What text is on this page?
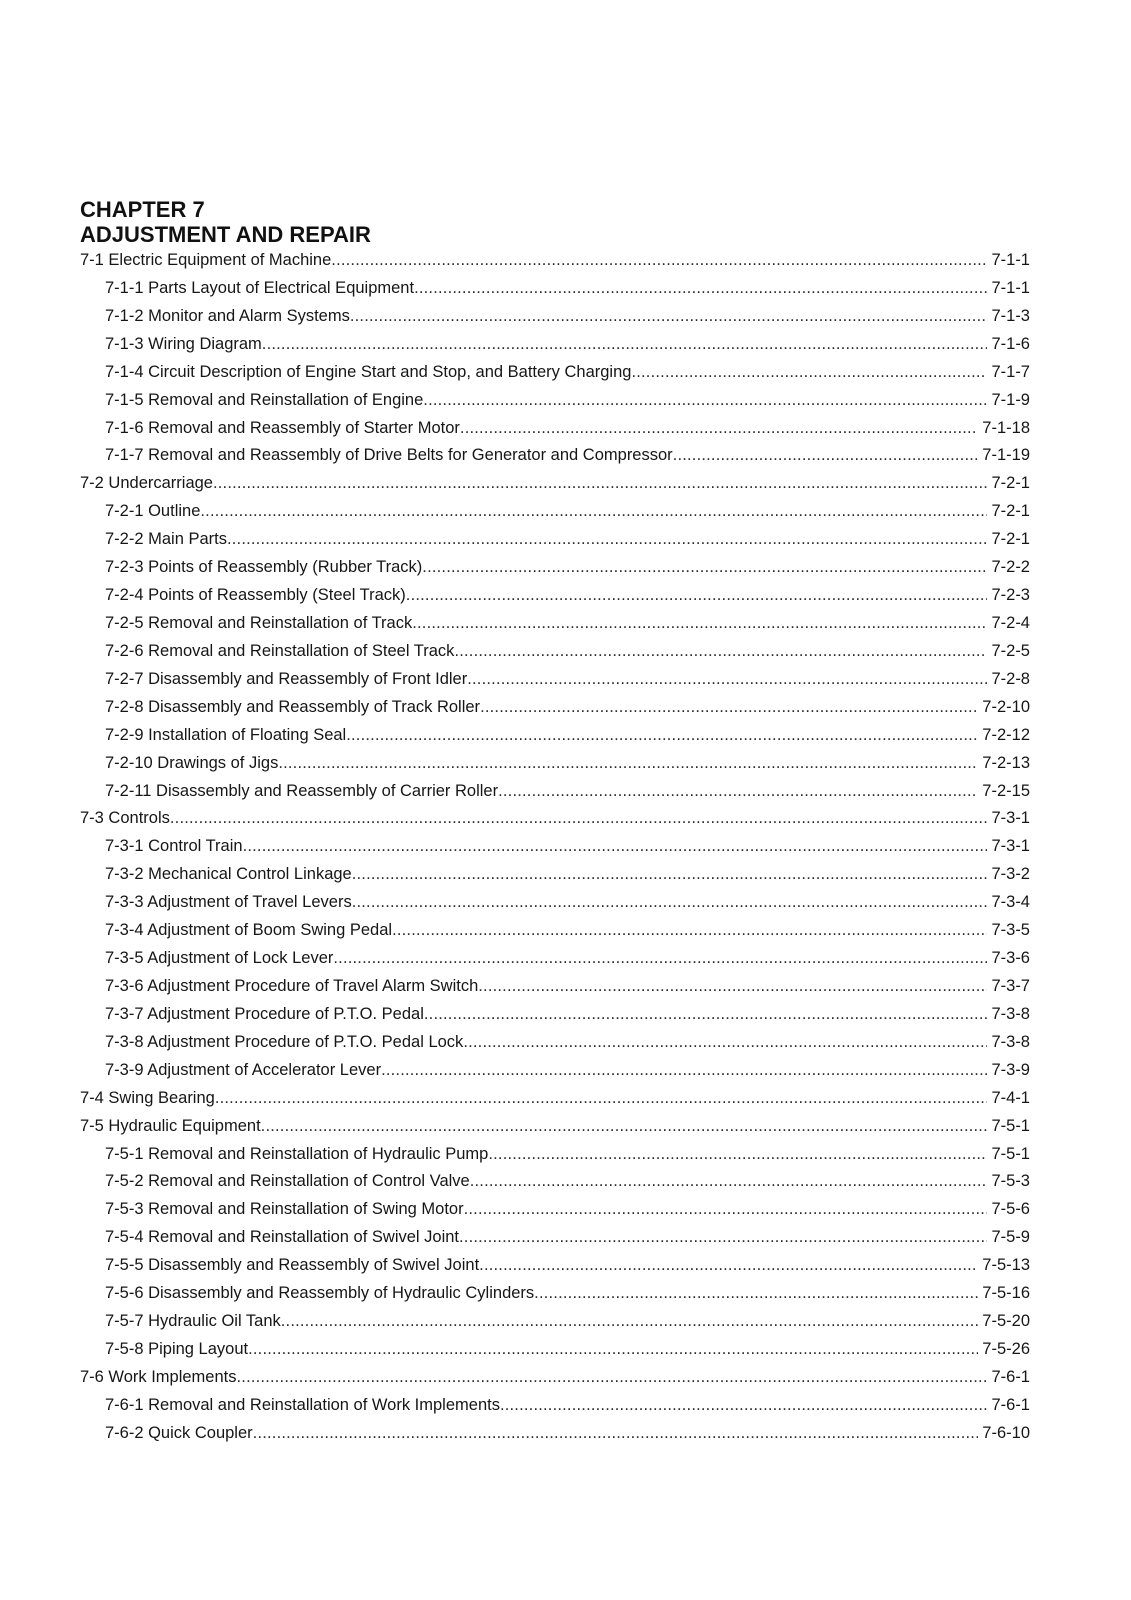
CHAPTER 7
ADJUSTMENT AND REPAIR
7-1 Electric Equipment of Machine .....	7-1-1
7-1-1 Parts Layout of Electrical Equipment .....	7-1-1
7-1-2 Monitor and Alarm Systems .....	7-1-3
7-1-3 Wiring Diagram .....	7-1-6
7-1-4 Circuit Description of Engine Start and Stop, and Battery Charging .....	7-1-7
7-1-5 Removal and Reinstallation of Engine .....	7-1-9
7-1-6 Removal and Reassembly of Starter Motor .....	7-1-18
7-1-7 Removal and Reassembly of Drive Belts for Generator and Compressor .....	7-1-19
7-2 Undercarriage .....	7-2-1
7-2-1 Outline .....	7-2-1
7-2-2 Main Parts .....	7-2-1
7-2-3 Points of Reassembly (Rubber Track) .....	7-2-2
7-2-4 Points of Reassembly (Steel Track) .....	7-2-3
7-2-5 Removal and Reinstallation of Track .....	7-2-4
7-2-6 Removal and Reinstallation of Steel Track .....	7-2-5
7-2-7 Disassembly and Reassembly of Front Idler .....	7-2-8
7-2-8 Disassembly and Reassembly of Track Roller .....	7-2-10
7-2-9 Installation of Floating Seal .....	7-2-12
7-2-10 Drawings of Jigs .....	7-2-13
7-2-11 Disassembly and Reassembly of Carrier Roller .....	7-2-15
7-3 Controls .....	7-3-1
7-3-1 Control Train .....	7-3-1
7-3-2 Mechanical Control Linkage .....	7-3-2
7-3-3 Adjustment of Travel Levers .....	7-3-4
7-3-4 Adjustment of Boom Swing Pedal .....	7-3-5
7-3-5 Adjustment of Lock Lever .....	7-3-6
7-3-6 Adjustment Procedure of Travel Alarm Switch .....	7-3-7
7-3-7 Adjustment Procedure of P.T.O. Pedal .....	7-3-8
7-3-8 Adjustment Procedure of P.T.O. Pedal Lock .....	7-3-8
7-3-9 Adjustment of Accelerator Lever .....	7-3-9
7-4 Swing Bearing .....	7-4-1
7-5 Hydraulic Equipment .....	7-5-1
7-5-1 Removal and Reinstallation of Hydraulic Pump .....	7-5-1
7-5-2 Removal and Reinstallation of Control Valve .....	7-5-3
7-5-3 Removal and Reinstallation of Swing Motor .....	7-5-6
7-5-4 Removal and Reinstallation of Swivel Joint .....	7-5-9
7-5-5 Disassembly and Reassembly of Swivel Joint .....	7-5-13
7-5-6 Disassembly and Reassembly of Hydraulic Cylinders .....	7-5-16
7-5-7 Hydraulic Oil Tank .....	7-5-20
7-5-8 Piping Layout .....	7-5-26
7-6 Work Implements .....	7-6-1
7-6-1 Removal and Reinstallation of Work Implements .....	7-6-1
7-6-2 Quick Coupler .....	7-6-10
